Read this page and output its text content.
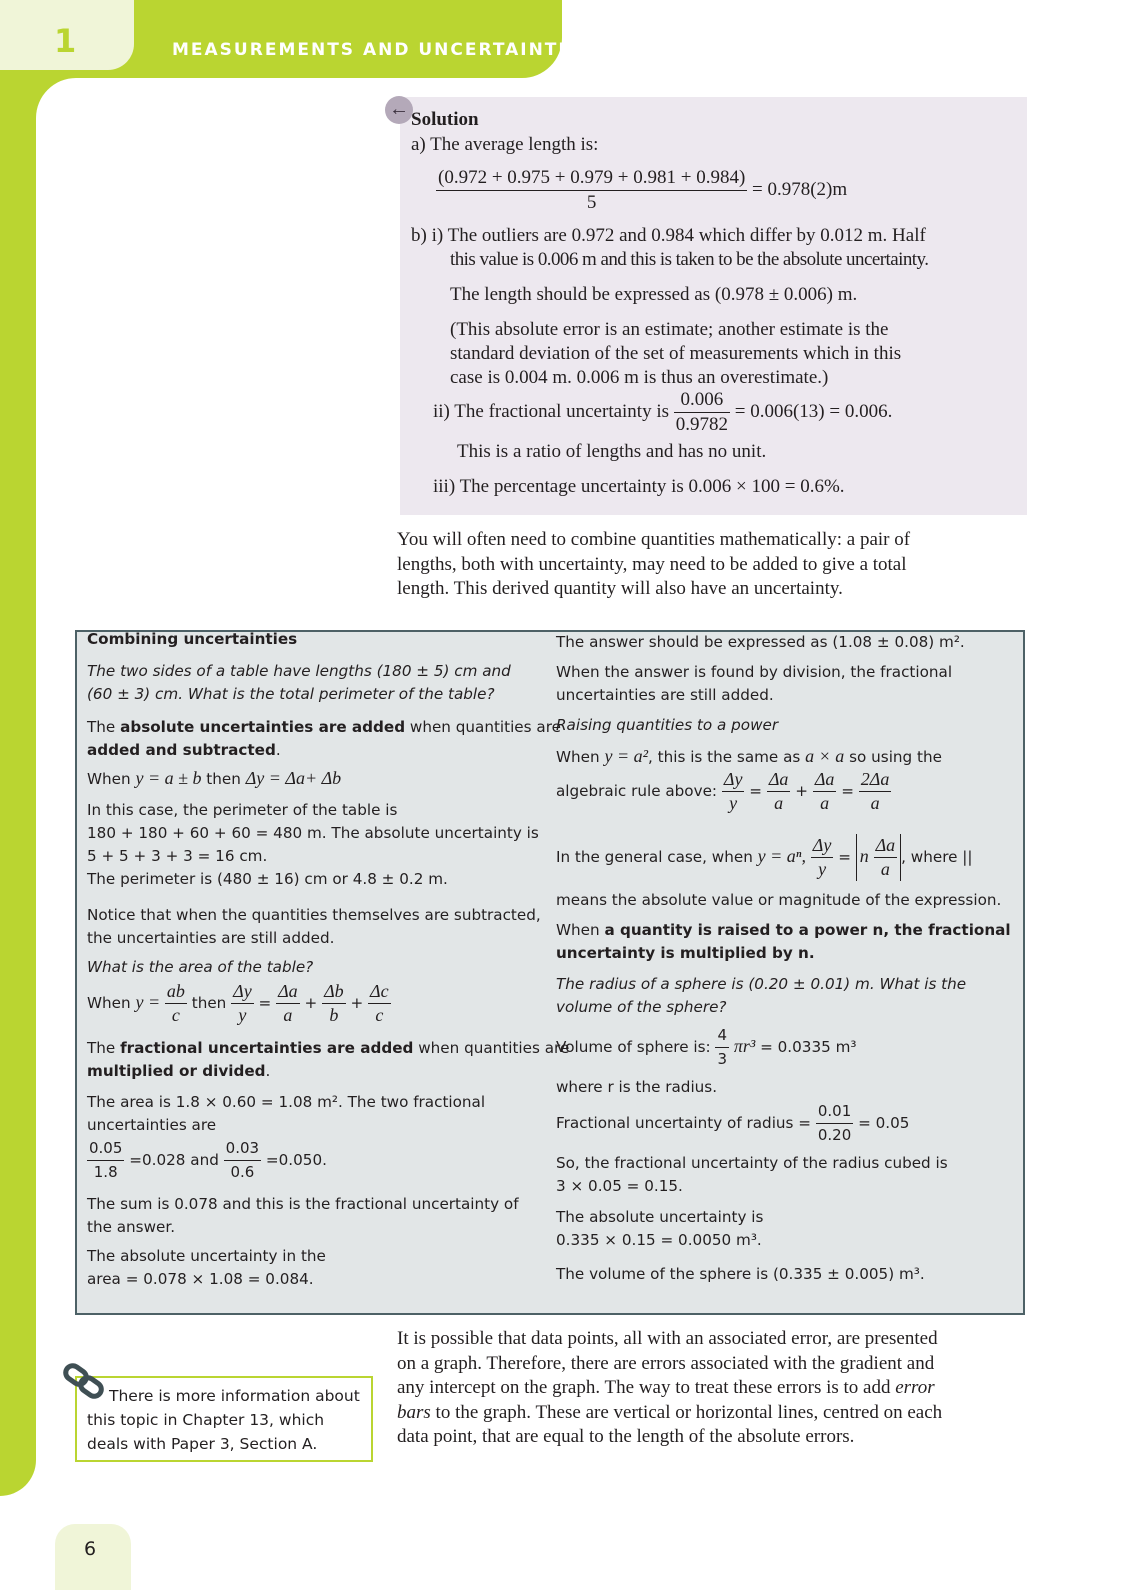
1	MEASUREMENTS AND UNCERTAINTIES
← Solution
a) The average length is:
$\frac{(0.972 + 0.975 + 0.979 + 0.981 + 0.984)}{5} = 0.978(2)m$
b) i) The outliers are 0.972 and 0.984 which differ by 0.012 m. Half
this value is 0.006 m and this is taken to be the absolute uncertainty.
The length should be expressed as (0.978 ± 0.006) m.
(This absolute error is an estimate; another estimate is the
standard deviation of the set of measurements which in this
case is 0.004 m. 0.006 m is thus an overestimate.)
ii) The fractional uncertainty is $\frac{0.006}{0.9782} = 0.006(13) = 0.006$.
This is a ratio of lengths and has no unit.
iii) The percentage uncertainty is 0.006 × 100 = 0.6%.
You will often need to combine quantities mathematically: a pair of
lengths, both with uncertainty, may need to be added to give a total
length. This derived quantity will also have an uncertainty.
Combining uncertainties
The two sides of a table have lengths (180 ± 5) cm and
(60 ± 3) cm. What is the total perimeter of the table?
The absolute uncertainties are added when quantities are
added and subtracted.
When y = a ± b then Δy = Δa+ Δb
In this case, the perimeter of the table is
180 + 180 + 60 + 60 = 480 m. The absolute uncertainty is
5 + 5 + 3 + 3 = 16 cm.
The perimeter is (480 ± 16) cm or 4.8 ± 0.2 m.
Notice that when the quantities themselves are subtracted,
the uncertainties are still added.
What is the area of the table?
When $y = \frac{ab}{c}$ then $\frac{\Delta y}{y} = \frac{\Delta a}{a} + \frac{\Delta b}{b} + \frac{\Delta c}{c}$
The fractional uncertainties are added when quantities are
multiplied or divided.
The area is 1.8 × 0.60 = 1.08 m². The two fractional
uncertainties are
$\frac{0.05}{1.8} =0.028$ and $\frac{0.03}{0.6} =0.050$.
The sum is 0.078 and this is the fractional uncertainty of
the answer.
The absolute uncertainty in the
area = 0.078 × 1.08 = 0.084.
The answer should be expressed as (1.08 ± 0.08) m².
When the answer is found by division, the fractional
uncertainties are still added.
Raising quantities to a power
When y = a², this is the same as a × a so using the
algebraic rule above: $\frac{\Delta y}{y} = \frac{\Delta a}{a} + \frac{\Delta a}{a} = \frac{2\Delta a}{a}$
In the general case, when y = aⁿ, $\frac{\Delta y}{y} = n \frac{\Delta a}{a}$ , where ||
means the absolute value or magnitude of the expression.
When a quantity is raised to a power n, the fractional
uncertainty is multiplied by n.
The radius of a sphere is (0.20 ± 0.01) m. What is the
volume of the sphere?
Volume of sphere is: $\frac{4}{3} \pi r^3 = 0.0335$ m³
where r is the radius.
Fractional uncertainty of radius = $\frac{0.01}{0.20} = 0.05$
So, the fractional uncertainty of the radius cubed is
3 × 0.05 = 0.15.
The absolute uncertainty is
0.335 × 0.15 = 0.0050 m³.
The volume of the sphere is (0.335 ± 0.005) m³.
There is more information about this topic in Chapter 13, which deals with Paper 3, Section A.
It is possible that data points, all with an associated error, are presented
on a graph. Therefore, there are errors associated with the gradient and
any intercept on the graph. The way to treat these errors is to add error
bars to the graph. These are vertical or horizontal lines, centred on each
data point, that are equal to the length of the absolute errors.
6
